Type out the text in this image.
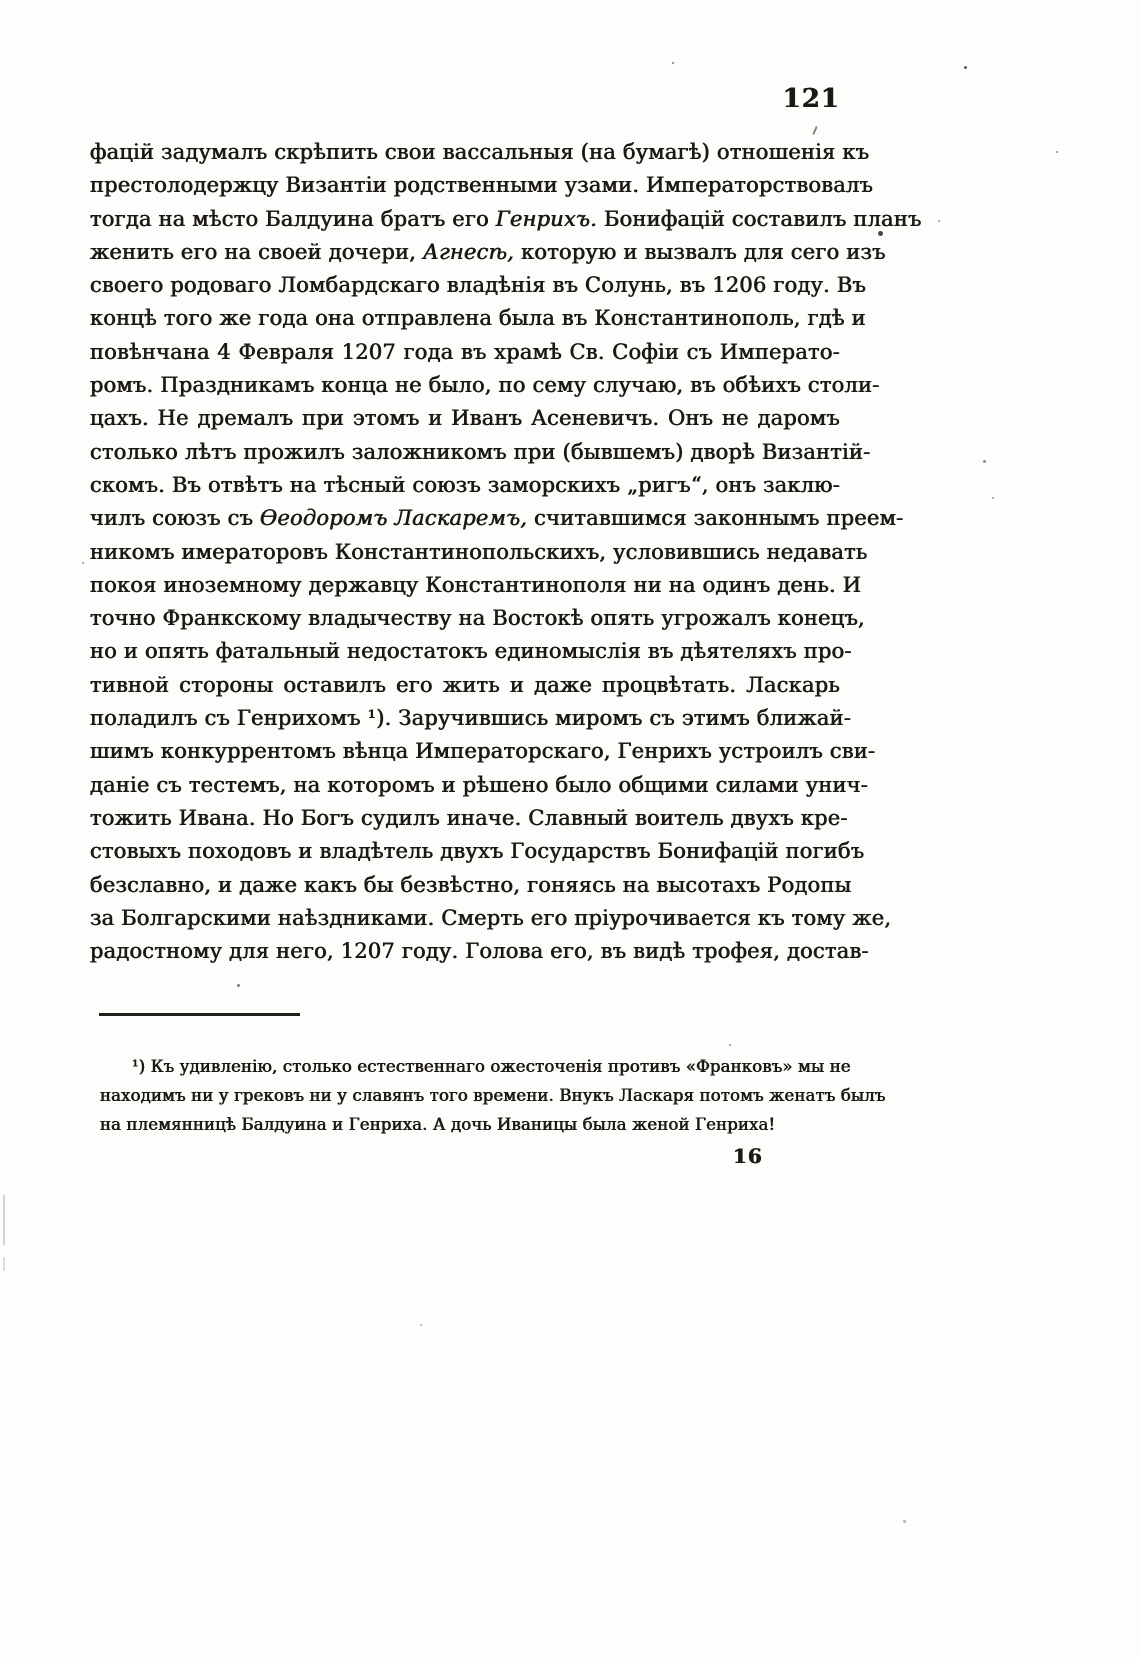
121
фацій задумалъ скрѣпить свои вассальныя (на бумагѣ) отношенія къ
престолодержцу Византіи родственными узами. Императорствовалъ
тогда на мѣсто Балдуина братъ его Генрихъ. Бонифацій составилъ планъ
женить его на своей дочери, Агнесѣ, которую и вызвалъ для сего изъ
своего родоваго Ломбардскаго владѣнія въ Солунь, въ 1206 году. Въ
концѣ того же года она отправлена была въ Константинополь, гдѣ и
повѣнчана 4 Февраля 1207 года въ храмѣ Св. Софіи съ Императо-
ромъ. Праздникамъ конца не было, по сему случаю, въ обѣихъ столи-
цахъ. Не дремалъ при этомъ и Иванъ Асеневичъ. Онъ не даромъ
столько лѣтъ прожилъ заложникомъ при (бывшемъ) дворѣ Византій-
скомъ. Въ отвѣтъ на тѣсный союзъ заморскихъ „ригъ“, онъ заклю-
чилъ союзъ съ Ѳеодоромъ Ласкаремъ, считавшимся законнымъ преем-
никомъ имераторовъ Константинопольскихъ, условившись недавать
покоя иноземному державцу Константинополя ни на одинъ день. И
точно Франкскому владычеству на Востокѣ опять угрожалъ конецъ,
но и опять фатальный недостатокъ единомыслія въ дѣятеляхъ про-
тивной стороны оставилъ его жить и даже процвѣтать. Ласкарь
поладилъ съ Генрихомъ ¹). Заручившись миромъ съ этимъ ближай-
шимъ конкуррентомъ вѣнца Императорскаго, Генрихъ устроилъ сви-
даніе съ тестемъ, на которомъ и рѣшено было общими силами унич-
тожить Ивана. Но Богъ судилъ иначе. Славный воитель двухъ кре-
стовыхъ походовъ и владѣтель двухъ Государствъ Бонифацій погибъ
безславно, и даже какъ бы безвѣстно, гоняясь на высотахъ Родопы
за Болгарскими наѣздниками. Смерть его пріурочивается къ тому же,
радостному для него, 1207 году. Голова его, въ видѣ трофея, достав-
¹) Къ удивленію, столько естественнаго ожесточенія противъ «Франковъ» мы не
находимъ ни у грековъ ни у славянъ того времени. Внукъ Ласкаря потомъ женатъ былъ
на племянницѣ Балдуина и Генриха. А дочь Иваницы была женой Генриха!
16
